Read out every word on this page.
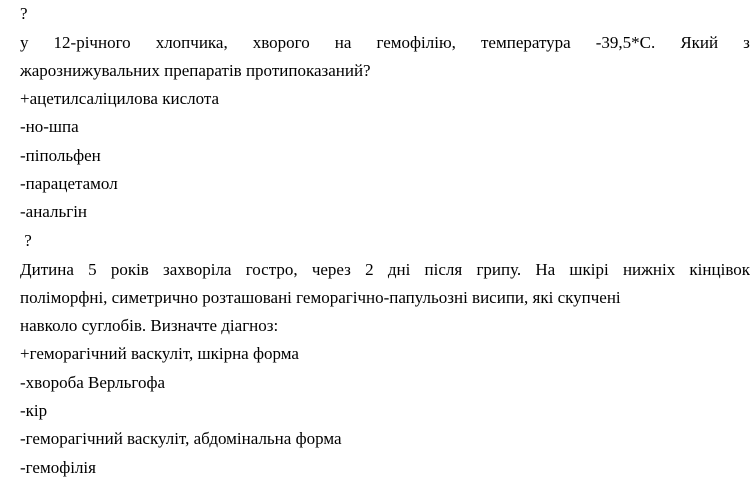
?
у 12-річного хлопчика, хворого на гемофілію, температура -39,5*С. Який з
жарознижувальних препаратів протипоказаний?
+ацетилсаліцилова кислота
-но-шпа
-піпольфен
-парацетамол
-анальгін
?
Дитина 5 років захворіла гостро, через 2 дні після грипу. На шкірі нижніх кінцівок
поліморфні, симетрично розташовані геморагічно-папульозні висипи, які скупчені
навколо суглобів. Визначте діагноз:
+геморагічний васкуліт, шкірна форма
-хвороба Верльгофа
-кір
-геморагічний васкуліт, абдомінальна форма
-гемофілія
